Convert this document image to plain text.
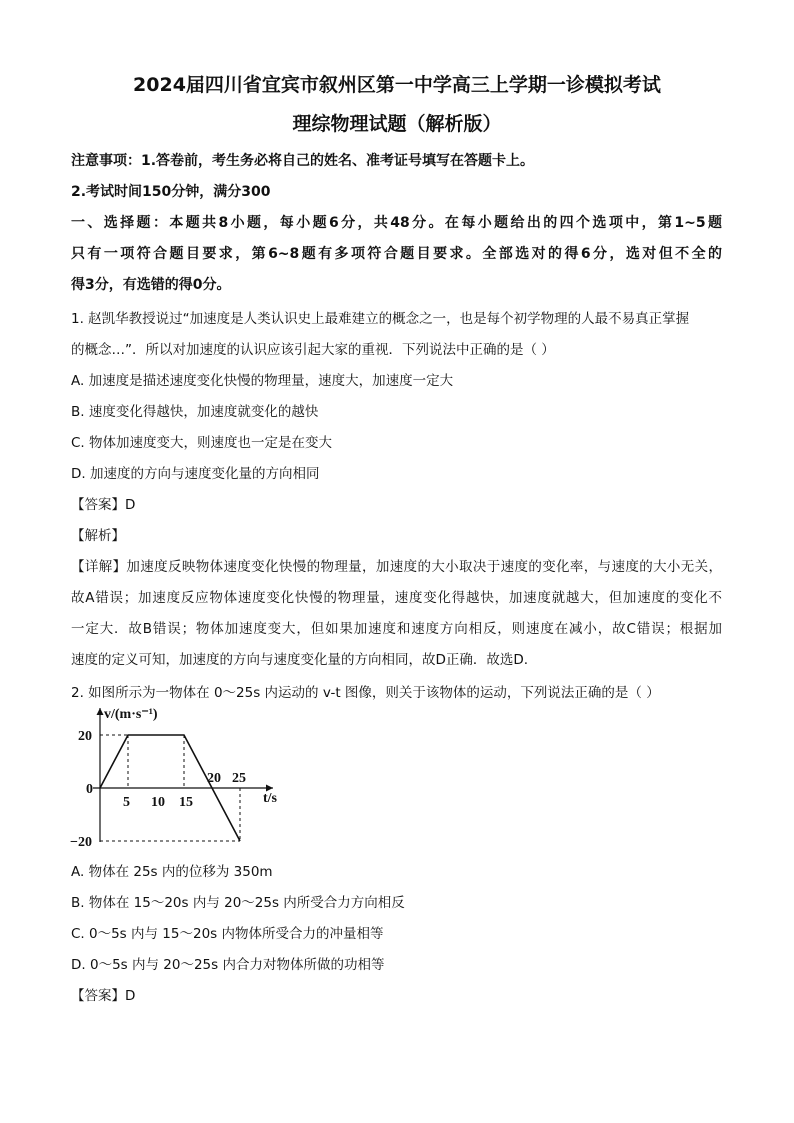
2024届四川省宜宾市叙州区第一中学高三上学期一诊模拟考试
理综物理试题（解析版）
注意事项：1.答卷前，考生务必将自己的姓名、准考证号填写在答题卡上。
2.考试时间150分钟，满分300
一、选择题：本题共8小题，每小题6分，共48分。在每小题给出的四个选项中，第1~5题
只有一项符合题目要求，第6~8题有多项符合题目要求。全部选对的得6分，选对但不全的
得3分，有选错的得0分。
1. 赵凯华教授说过“加速度是人类认识史上最难建立的概念之一，也是每个初学物理的人最不易真正掌握
的概念…”．所以对加速度的认识应该引起大家的重视．下列说法中正确的是（ ）
A. 加速度是描述速度变化快慢的物理量，速度大，加速度一定大
B. 速度变化得越快，加速度就变化的越快
C. 物体加速度变大，则速度也一定是在变大
D. 加速度的方向与速度变化量的方向相同
【答案】D
【解析】
【详解】加速度反映物体速度变化快慢的物理量，加速度的大小取决于速度的变化率，与速度的大小无关，
故A错误；加速度反应物体速度变化快慢的物理量，速度变化得越快，加速度就越大，但加速度的变化不
一定大．故B错误；物体加速度变大，但如果加速度和速度方向相反，则速度在减小，故C错误；根据加
速度的定义可知，加速度的方向与速度变化量的方向相同，故D正确．故选D.
2. 如图所示为一物体在 0～25s 内运动的 v-t 图像，则关于该物体的运动，下列说法正确的是（ ）
v/(m·s⁻¹)
t/s
5 10 15
20 25
20
0
−20
A. 物体在 25s 内的位移为 350m
B. 物体在 15～20s 内与 20～25s 内所受合力方向相反
C. 0～5s 内与 15～20s 内物体所受合力的冲量相等
D. 0～5s 内与 20～25s 内合力对物体所做的功相等
【答案】D
